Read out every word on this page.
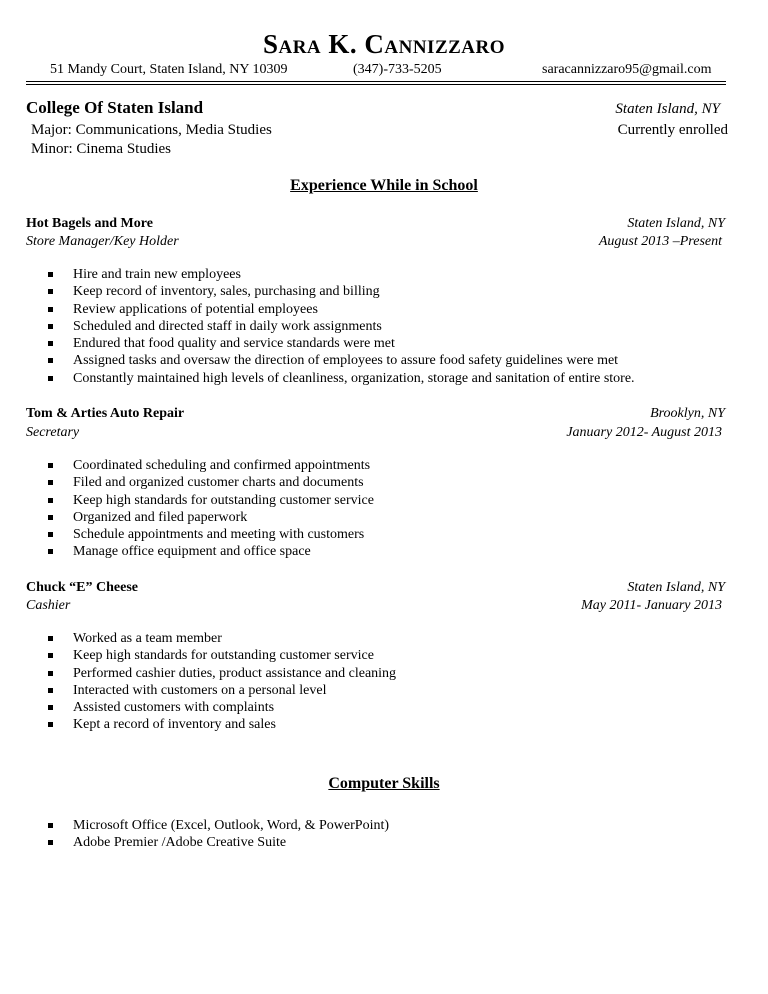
Sara K. Cannizzaro
51 Mandy Court, Staten Island, NY 10309	(347)-733-5205	saracannizzaro95@gmail.com
College Of Staten Island	Staten Island, NY
Major: Communications, Media Studies	Currently enrolled
Minor: Cinema Studies
Experience While in School
Hot Bagels and More	Staten Island, NY
Store Manager/Key Holder	August 2013 –Present
Hire and train new employees
Keep record of inventory, sales, purchasing and billing
Review applications of potential employees
Scheduled and directed staff in daily work assignments
Endured that food quality and service standards were met
Assigned tasks and oversaw the direction of employees to assure food safety guidelines were met
Constantly maintained high levels of cleanliness, organization, storage and sanitation of entire store.
Tom & Arties Auto Repair	Brooklyn, NY
Secretary	January 2012- August 2013
Coordinated scheduling and confirmed appointments
Filed and organized customer charts and documents
Keep high standards for outstanding customer service
Organized and filed paperwork
Schedule appointments and meeting with customers
Manage office equipment and office space
Chuck “E” Cheese	Staten Island, NY
Cashier	May 2011- January 2013
Worked as a team member
Keep high standards for outstanding customer service
Performed cashier duties, product assistance and cleaning
Interacted with customers on a personal level
Assisted customers with complaints
Kept a record of inventory and sales
Computer Skills
Microsoft Office (Excel, Outlook, Word, & PowerPoint)
Adobe Premier /Adobe Creative Suite
